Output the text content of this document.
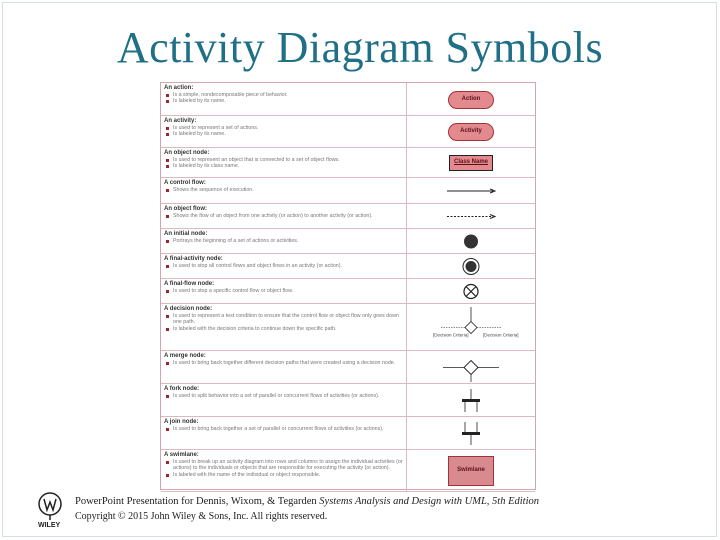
Activity Diagram Symbols
An action:
Is a simple, nondecomposable piece of behavior.
Is labeled by its name.	Action
An activity:
Is used to represent a set of actions.
Is labeled by its name.
Activity
An object node:
Is used to represent an object that is connected to a set of object flows.
Is labeled by its class name.
Class Name
A control flow:
Shows the sequence of execution.
An object flow:
Shows the flow of an object from one activity (or action) to another activity (or action).
An initial node:
Portrays the beginning of a set of actions or activities.
A final-activity node:
Is used to stop all control flows and object flows in an activity (or action).
A final-flow node:
Is used to stop a specific control flow or object flow.
A decision node:
Is used to represent a test condition to ensure that the control flow or object flow only goes down one path.
Is labeled with the decision criteria to continue down the specific path.
[Decision Criteria]	[Decision Criteria]
A merge node:
Is used to bring back together different decision paths that were created using a decision node.
A fork node:
Is used to split behavior into a set of parallel or concurrent flows of activities (or actions).
A join node:
Is used to bring back together a set of parallel or concurrent flows of activities (or actions).
A swimlane:
Is used to break up an activity diagram into rows and columns to assign the individual activities (or actions) to the individuals or objects that are responsible for executing the activity (or action).
Is labeled with the name of the individual or object responsible.
Swimlane
WILEY
PowerPoint Presentation for Dennis, Wixom, & Tegarden Systems Analysis and Design with UML, 5th Edition
Copyright © 2015 John Wiley & Sons, Inc. All rights reserved.
